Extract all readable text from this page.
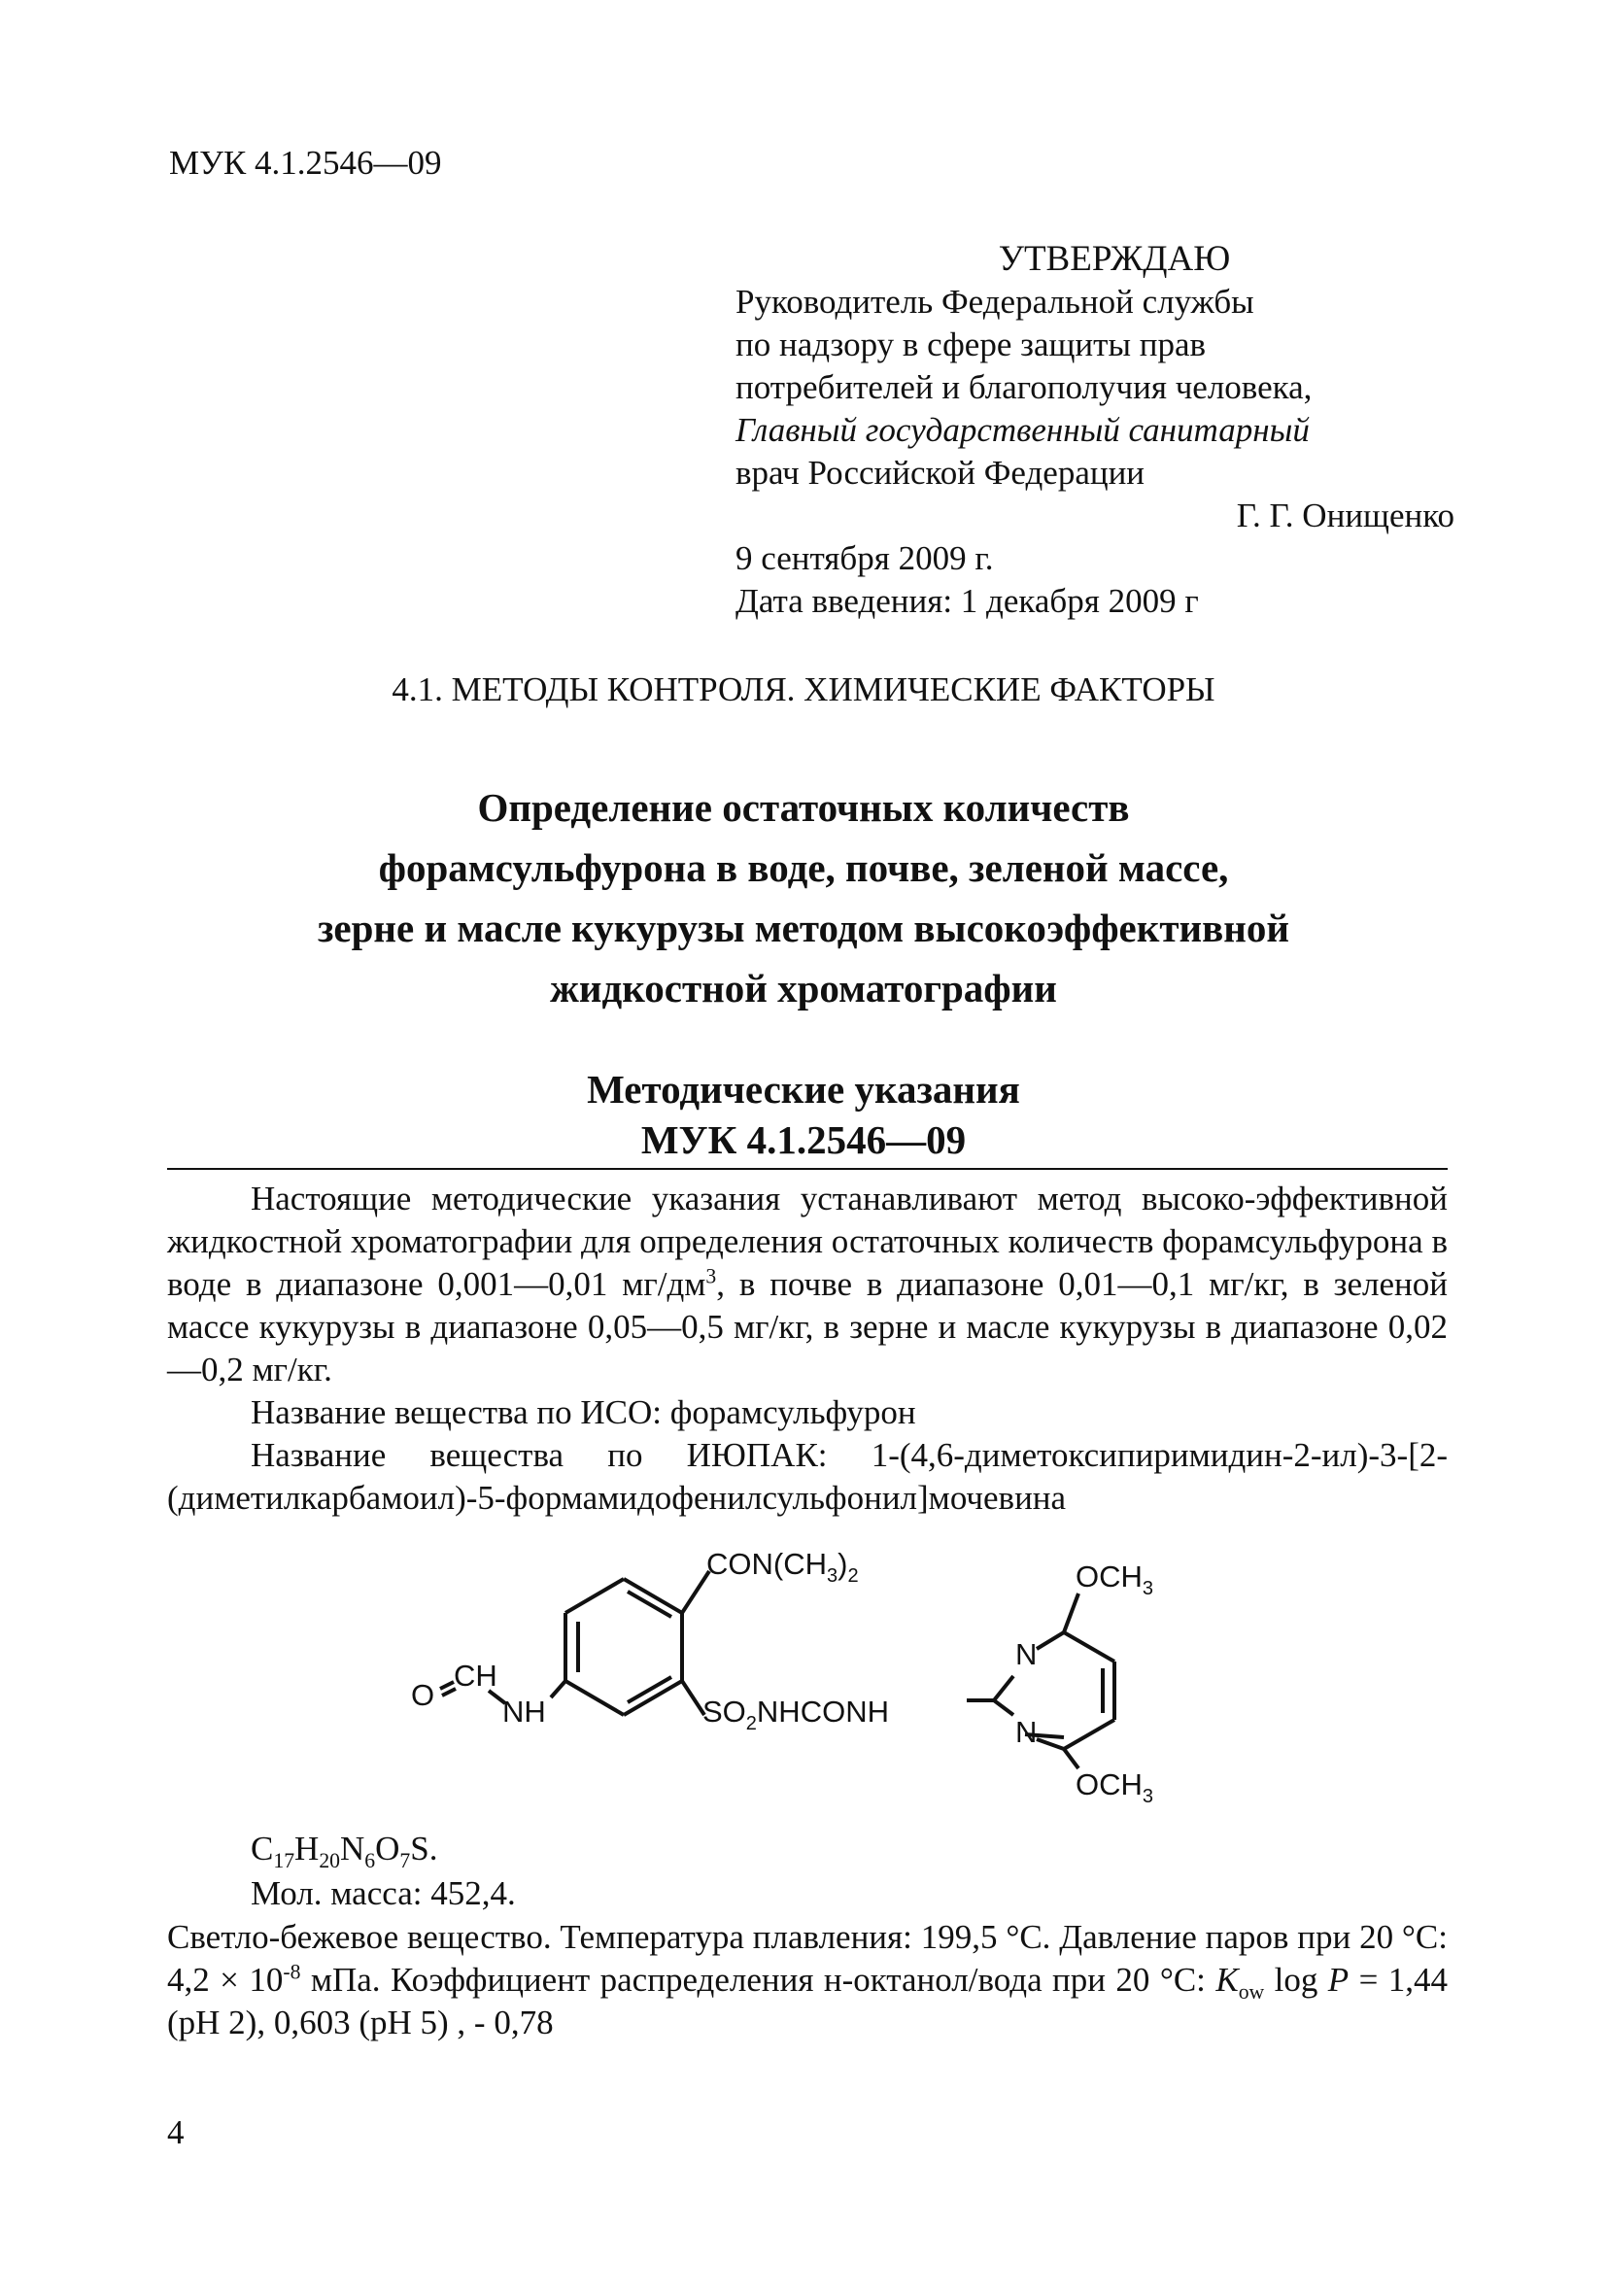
МУК 4.1.2546—09
УТВЕРЖДАЮ
Руководитель Федеральной службы
по надзору в сфере защиты прав
потребителей и благополучия человека,
Главный государственный санитарный
врач Российской Федерации
Г. Г. Онищенко
9 сентября 2009 г.
Дата введения: 1 декабря 2009 г
4.1. МЕТОДЫ КОНТРОЛЯ. ХИМИЧЕСКИЕ ФАКТОРЫ
Определение остаточных количеств
форамсульфурона в воде, почве, зеленой массе,
зерне и масле кукурузы методом высокоэффективной
жидкостной хроматографии
Методические указания
МУК 4.1.2546—09

Настоящие методические указания устанавливают метод высоко-эффективной жидкостной хроматографии для определения остаточных количеств форамсульфурона в воде в диапазоне 0,001—0,01 $мг/дм^3$, в почве в диапазоне 0,01—0,1 мг/кг, в зеленой массе кукурузы в диапазоне 0,05—0,5 мг/кг, в зерне и масле кукурузы в диапазоне 0,02—0,2 мг/кг.

Название вещества по ИСО: форамсульфурон

Название вещества по ИЮПАК: 1-(4,6-диметоксипиримидин-2-ил)-3-[2-(диметилкарбамоил)-5-формамидофенилсульфонил]мочевина

$CON(CH_3)_2$	$OCH_3$
N
N
$OCH_3$
O
CH
NH	$SO_2NHCONH$
$C_{17}H_{20}N_6O_7S$.
Мол. масса: 452,4.

Светло-бежевое вещество. Температура плавления: 199,5 °С. Давление паров при 20 °С: $4,2 \times 10^{-8}$ мПа. Коэффициент распределения н-октанол/вода при 20 °С: $K_{ow}$ log P = 1,44 (рН 2), 0,603 (рН 5) , - 0,78

4
